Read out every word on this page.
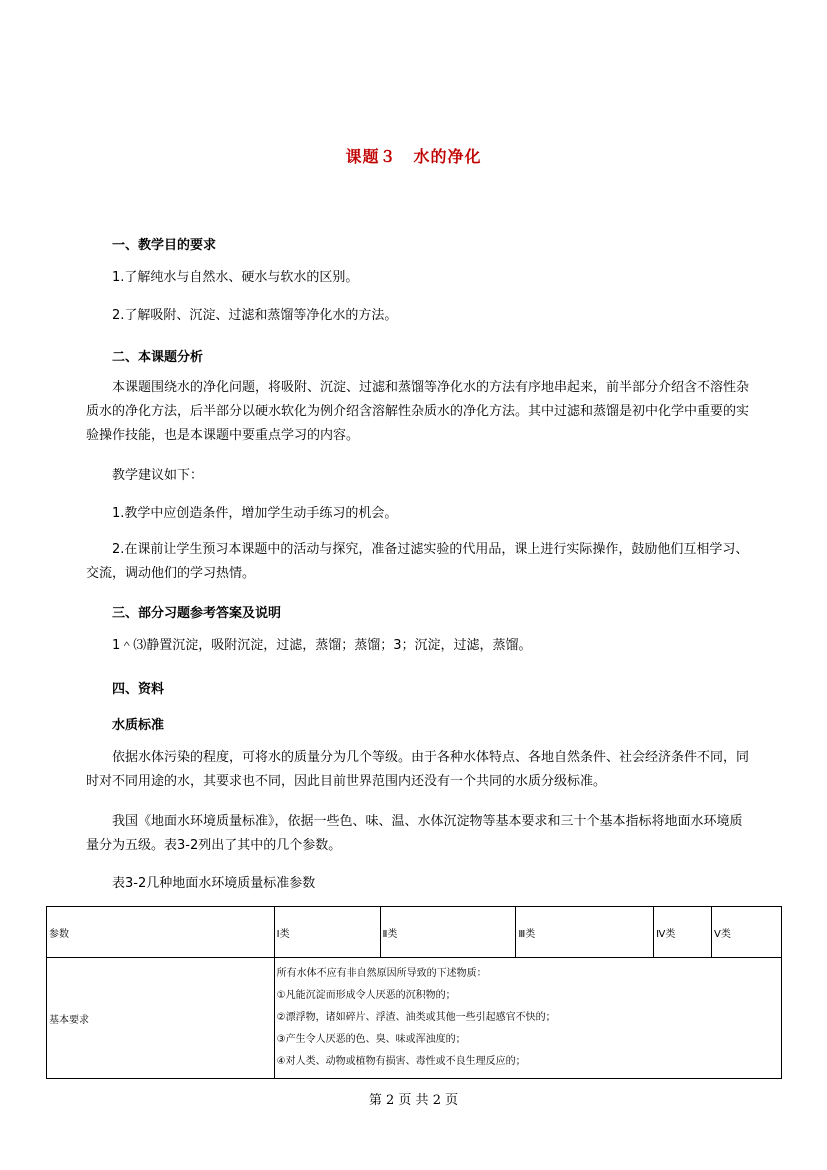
课题３　水的净化
一、教学目的要求
1.了解纯水与自然水、硬水与软水的区别。
2.了解吸附、沉淀、过滤和蒸馏等净化水的方法。
二、本课题分析
本课题围绕水的净化问题，将吸附、沉淀、过滤和蒸馏等净化水的方法有序地串起来，前半部分介绍含不溶性杂质水的净化方法，后半部分以硬水软化为例介绍含溶解性杂质水的净化方法。其中过滤和蒸馏是初中化学中重要的实验操作技能，也是本课题中要重点学习的内容。
教学建议如下：
1.教学中应创造条件，增加学生动手练习的机会。
2.在课前让学生预习本课题中的活动与探究，准备过滤实验的代用品，课上进行实际操作，鼓励他们互相学习、交流，调动他们的学习热情。
三、部分习题参考答案及说明
1＾⑶静置沉淀，吸附沉淀，过滤，蒸馏；蒸馏；3；沉淀，过滤，蒸馏。
四、资料
水质标准
依据水体污染的程度，可将水的质量分为几个等级。由于各种水体特点、各地自然条件、社会经济条件不同，同时对不同用途的水，其要求也不同，因此目前世界范围内还没有一个共同的水质分级标准。
我国《地面水环境质量标准》，依据一些色、味、温、水体沉淀物等基本要求和三十个基本指标将地面水环境质量分为五级。表3-2列出了其中的几个参数。
表3-2几种地面水环境质量标准参数
参数	Ⅰ类	Ⅱ类	Ⅲ类	Ⅳ类	Ⅴ类
基本要求	所有水体不应有非自然原因所导致的下述物质：
①凡能沉淀而形成令人厌恶的沉积物的；
②漂浮物，诸如碎片、浮渣、油类或其他一些引起感官不快的；
③产生令人厌恶的色、臭、味或浑浊度的；
④对人类、动物或植物有损害、毒性或不良生理反应的；				
第 2 页 共 2 页
